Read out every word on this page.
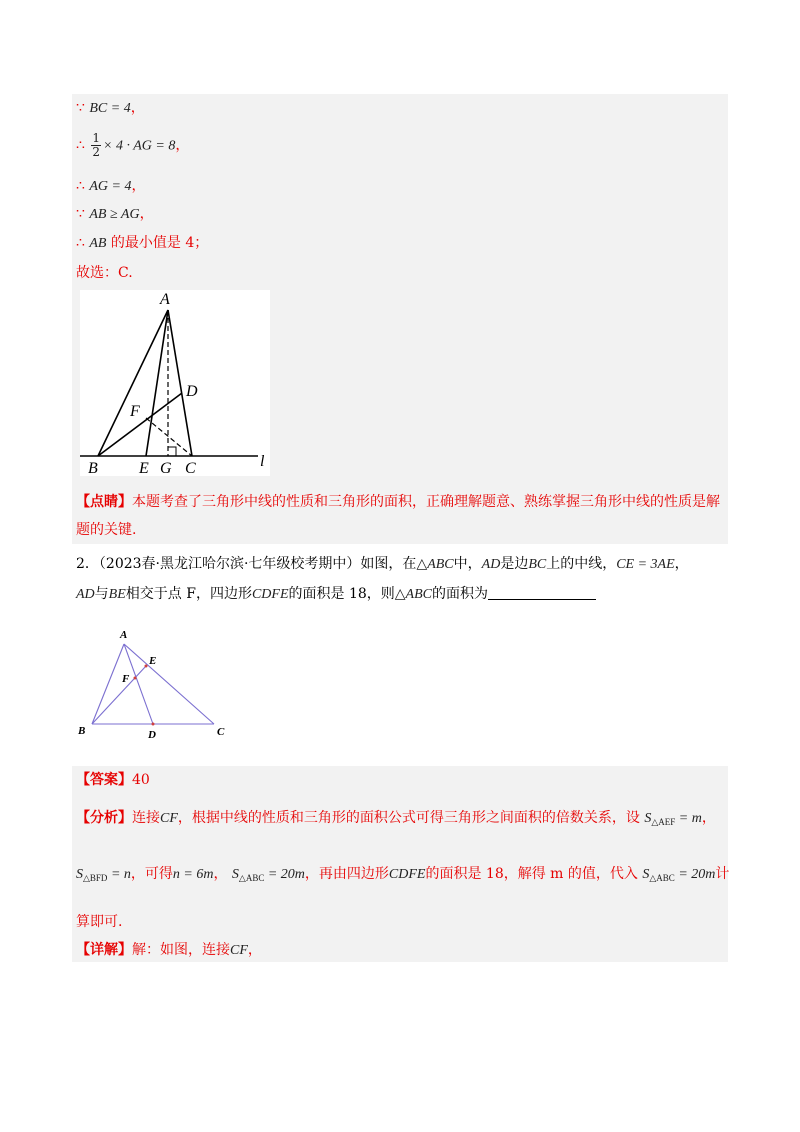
∵ BC = 4，
∴ $\frac{1}{2} \times 4$ · AG = 8，
∴ AG = 4，
∵ AB ≥ AG，
∴ AB 的最小值是 4；
故选：C.
A
D
F
B	E G C	l
【点睛】本题考查了三角形中线的性质和三角形的面积，正确理解题意、熟练掌握三角形中线的性质是解
题的关键.
2．（2023春·黑龙江哈尔滨·七年级校考期中）如图，在△ABC中，AD是边BC上的中线，CE = 3AE，
AD与BE相交于点 F，四边形CDFE的面积是 18，则△ABC的面积为
A
E
F
B	D	C
【答案】40
【分析】连接CF，根据中线的性质和三角形的面积公式可得三角形之间面积的倍数关系，设 $S_{\triangle AEF} = m$，
$S_{\triangle BFD} = n$，可得n = 6m， $S_{\triangle ABC} = 20m$，再由四边形CDFE的面积是 18，解得 m 的值，代入 $S_{\triangle ABC} = 20m$计
算即可.
【详解】解：如图，连接CF，
